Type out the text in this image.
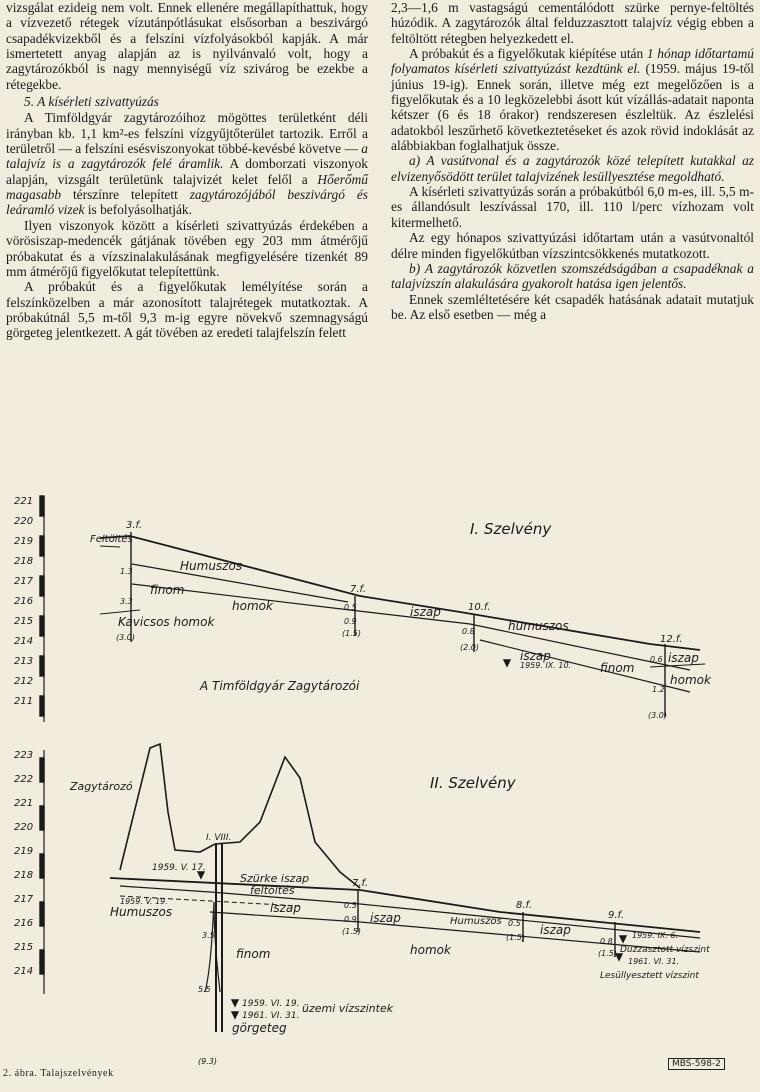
vizsgálat ezideig nem volt. Ennek ellenére megállapíthattuk, hogy a vízvezető rétegek vízutánpótlásukat elsősorban a beszivárgó csapadékvizekből és a felszíni vízfolyásokból kapják. A már ismertetett anyag alapján az is nyilvánvaló volt, hogy a zagytározókból is nagy mennyiségű víz szivárog be ezekbe a rétegekbe.

5. A kísérleti szivattyúzás

A Timföldgyár zagytározóihoz mögöttes területként déli irányban kb. 1,1 km²-es felszíni vízgyűjtőterület tartozik. Erről a területről — a felszíni esésviszonyokat többé-kevésbé követve — a talajvíz is a zagytározók felé áramlik. A domborzati viszonyok alapján, vizsgált területünk talajvizét kelet felől a Hőerőmű magasabb térszínre telepített zagytározójából beszivárgó és leáramló vizek is befolyásolhatják.

Ilyen viszonyok között a kísérleti szivattyúzás érdekében a vörösiszap-medencék gátjának tövében egy 203 mm átmérőjű próbakutat és a vízszinalakulásának megfigyelésére tizenkét 89 mm átmérőjű figyelőkutat telepítettünk.

A próbakút és a figyelőkutak lemélyítése során a felszínközelben a már azonosított talajrétegek mutatkoztak. A próbakútnál 5,5 m-től 9,3 m-ig egyre növekvő szemnagyságú görgeteg jelentkezett. A gát tövében az eredeti talajfelszín felett

2,3—1,6 m vastagságú cementálódott szürke pernye-feltöltés húzódik. A zagytározók által felduzzasztott talajvíz végig ebben a feltöltött rétegben helyezkedett el.

A próbakút és a figyelőkutak kiépítése után 1 hónap időtartamú folyamatos kísérleti szivattyúzást kezdtünk el. (1959. május 19-től június 19-ig). Ennek során, illetve még ezt megelőzően is a figyelőkutak és a 10 legközelebbi ásott kút vízállás-adatait naponta kétszer (6 és 18 órakor) rendszeresen észleltük. Az észlelési adatokból leszűrhető következtetéseket és azok rövid indoklását az alábbiakban foglalhatjuk össze.

a) A vasútvonal és a zagytározók közé telepített kutakkal az elvizenyősödött terület talajvizének lesüllyesztése megoldható.

A kísérleti szivattyúzás során a próbakútból 6,0 m-es, ill. 5,5 m-es állandósult leszívással 170, ill. 110 l/perc vízhozam volt kitermelhető.

Az egy hónapos szivattyúzási időtartam után a vasútvonaltól délre minden figyelőkútban vízszintcsökkenés mutatkozott.

b) A zagytározók közvetlen szomszédságában a csapadéknak a talajvízszín alakulására gyakorolt hatása igen jelentős.

Ennek szemléltetésére két csapadék hatásának adatait mutatjuk be. Az első esetben — még a

221
220
219
218
217
216
215
214
213
212
211
I. Szelvény
3.f.
7.f.
10.f.
12.f.
Feltöltés
Humuszos
finom
homok
Kavicsos homok
iszap
humuszos
iszap
finom
iszap
homok
1959. IX. 10.
A Timföldgyár Zagytározói
1.3
3.3
(3.0)
0.5
0.9
(1.5)	0.8
(2.0)
0.6
1.2
(3.0)
223
222
221
220
219
218
217
216
215
214
II. Szelvény
Zagytározó
I. VIII.
7.f.
8.f.
9.f.
1959. V. 17.
Szürke iszap
feltöltés
1959. V. 19.
Humuszos	iszap
iszap	Humuszos
iszap
finom	homok
1959. IX. 6.
Duzzasztott vízszint
1961. VI. 31.
Lesüllyesztett vízszint
1959. VI. 19.
1961. VI. 31.
üzemi vízszintek
görgeteg
3.5
5.5
(9.3)
0.5
0.9
(1.5)
0.5
(1.5)	0.8
(1.5)
2. ábra. Talajszelvények
MBS-598-2
